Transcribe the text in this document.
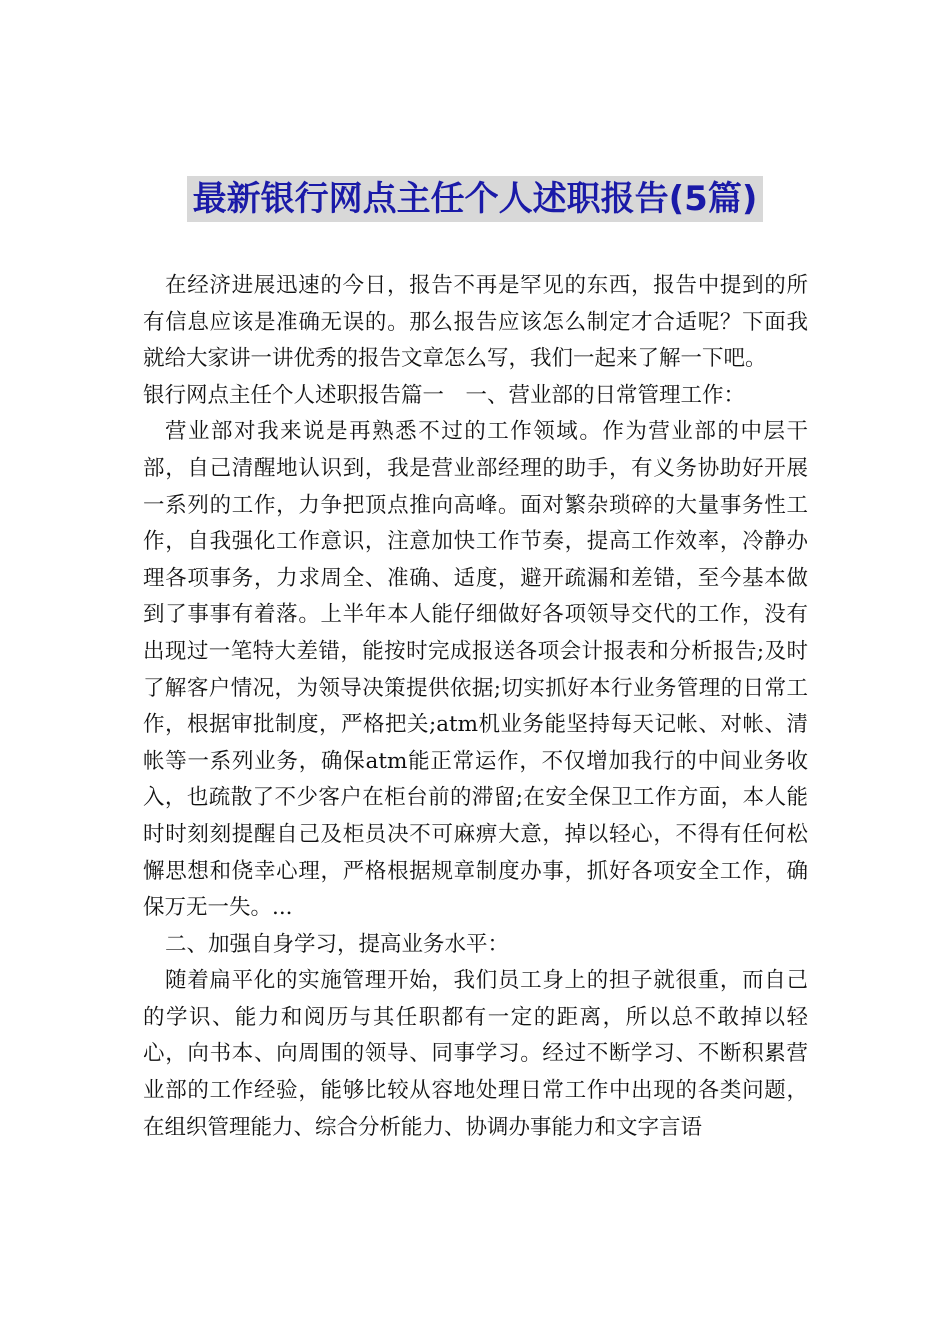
最新银行网点主任个人述职报告(5篇)

在经济进展迅速的今日，报告不再是罕见的东西，报告中提到的所有信息应该是准确无误的。那么报告应该怎么制定才合适呢？下面我就给大家讲一讲优秀的报告文章怎么写，我们一起来了解一下吧。

银行网点主任个人述职报告篇一　一、营业部的日常管理工作：

营业部对我来说是再熟悉不过的工作领域。作为营业部的中层干部，自己清醒地认识到，我是营业部经理的助手，有义务协助好开展一系列的工作，力争把顶点推向高峰。面对繁杂琐碎的大量事务性工作，自我强化工作意识，注意加快工作节奏，提高工作效率，冷静办理各项事务，力求周全、准确、适度，避开疏漏和差错，至今基本做到了事事有着落。上半年本人能仔细做好各项领导交代的工作，没有出现过一笔特大差错，能按时完成报送各项会计报表和分析报告;及时了解客户情况，为领导决策提供依据;切实抓好本行业务管理的日常工作，根据审批制度，严格把关;atm机业务能坚持每天记帐、对帐、清帐等一系列业务，确保atm能正常运作，不仅增加我行的中间业务收入，也疏散了不少客户在柜台前的滞留;在安全保卫工作方面，本人能时时刻刻提醒自己及柜员决不可麻痹大意，掉以轻心，不得有任何松懈思想和侥幸心理，严格根据规章制度办事，抓好各项安全工作，确保万无一失。...

二、加强自身学习，提高业务水平：

随着扁平化的实施管理开始，我们员工身上的担子就很重，而自己的学识、能力和阅历与其任职都有一定的距离，所以总不敢掉以轻心，向书本、向周围的领导、同事学习。经过不断学习、不断积累营业部的工作经验，能够比较从容地处理日常工作中出现的各类问题，在组织管理能力、综合分析能力、协调办事能力和文字言语
